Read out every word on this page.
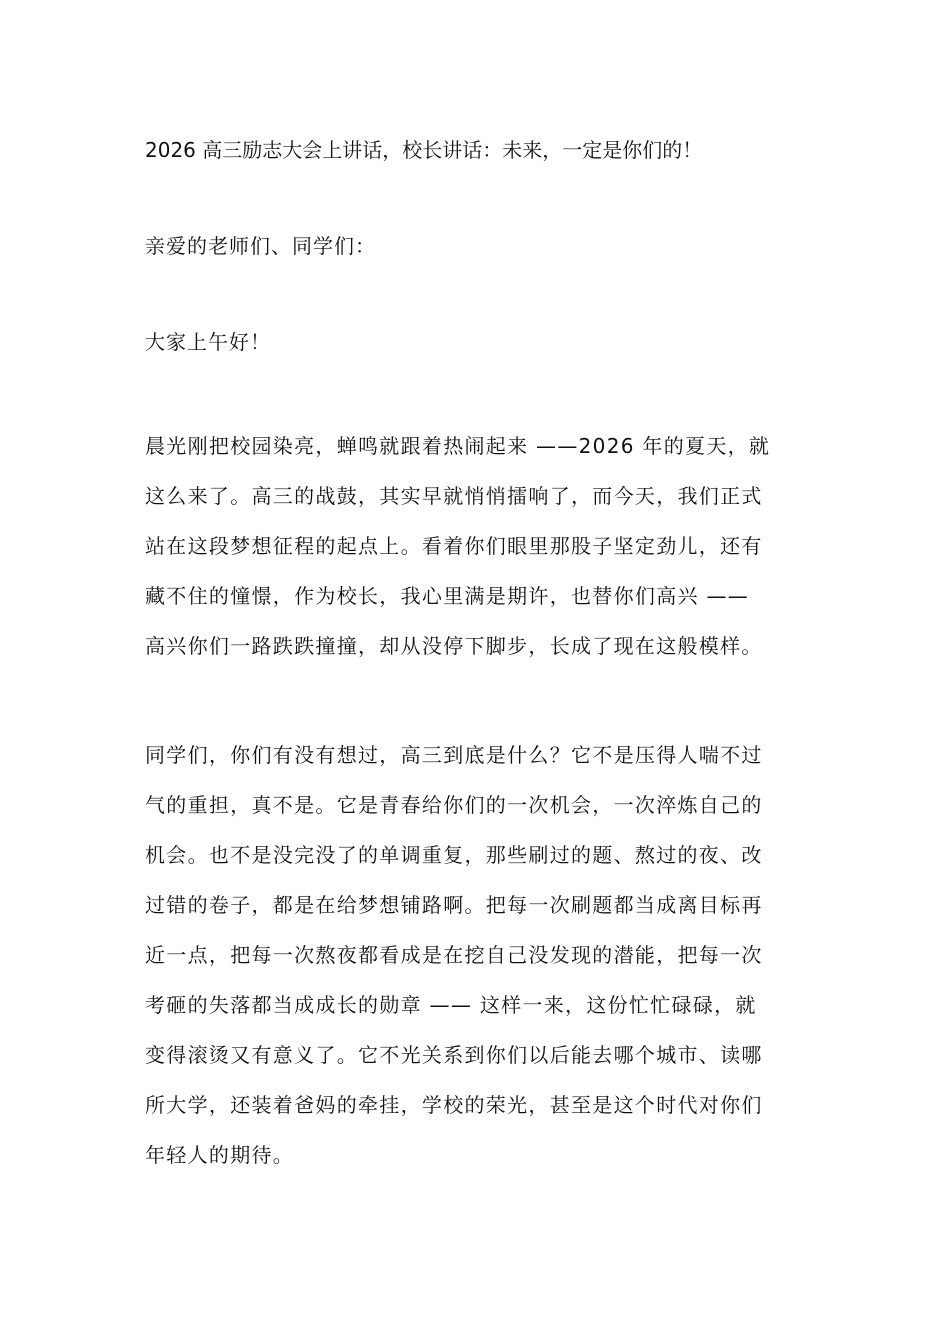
2026 高三励志大会上讲话，校长讲话：未来，一定是你们的！
亲爱的老师们、同学们：
大家上午好！
晨光刚把校园染亮，蝉鸣就跟着热闹起来 ——2026 年的夏天，就
这么来了。高三的战鼓，其实早就悄悄擂响了，而今天，我们正式
站在这段梦想征程的起点上。看着你们眼里那股子坚定劲儿，还有
藏不住的憧憬，作为校长，我心里满是期许，也替你们高兴 ——
高兴你们一路跌跌撞撞，却从没停下脚步，长成了现在这般模样。
同学们，你们有没有想过，高三到底是什么？它不是压得人喘不过
气的重担，真不是。它是青春给你们的一次机会，一次淬炼自己的
机会。也不是没完没了的单调重复，那些刷过的题、熬过的夜、改
过错的卷子，都是在给梦想铺路啊。把每一次刷题都当成离目标再
近一点，把每一次熬夜都看成是在挖自己没发现的潜能，把每一次
考砸的失落都当成成长的勋章 —— 这样一来，这份忙忙碌碌，就
变得滚烫又有意义了。它不光关系到你们以后能去哪个城市、读哪
所大学，还装着爸妈的牵挂，学校的荣光，甚至是这个时代对你们
年轻人的期待。
